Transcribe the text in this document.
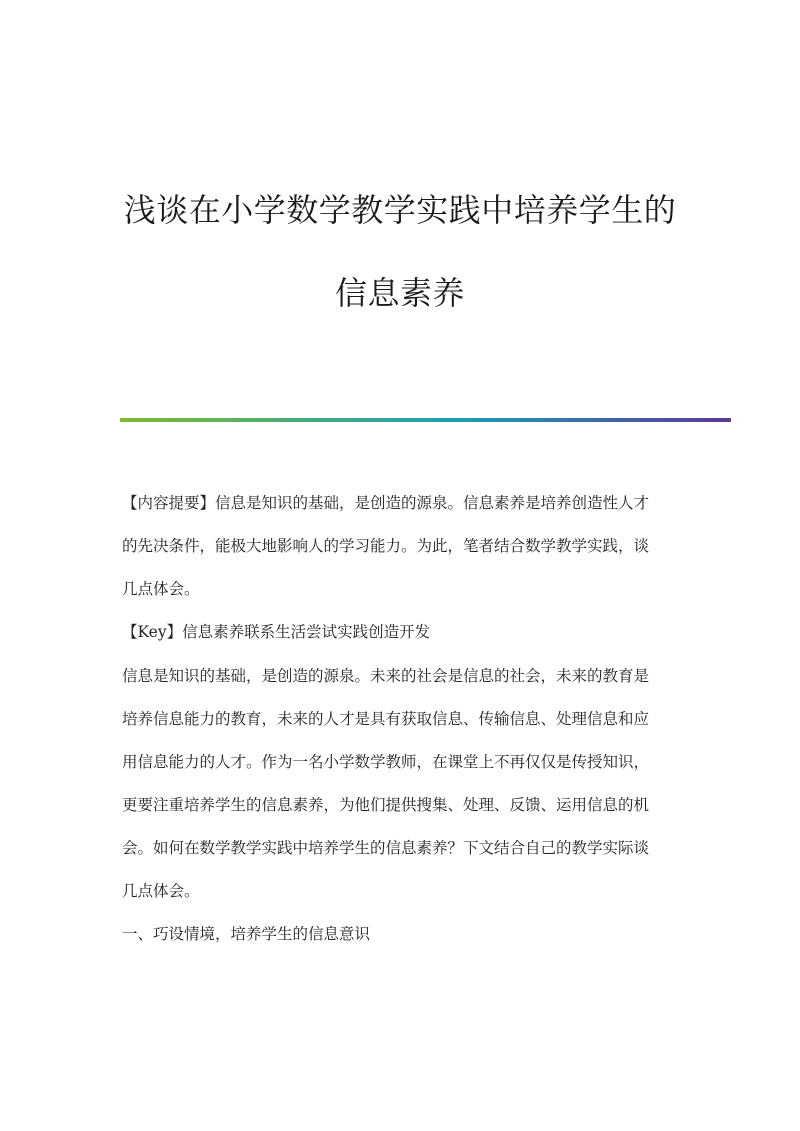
浅谈在小学数学教学实践中培养学生的
信息素养
【内容提要】信息是知识的基础，是创造的源泉。信息素养是培养创造性人才
的先决条件，能极大地影响人的学习能力。为此，笔者结合数学教学实践，谈
几点体会。
【Key】信息素养联系生活尝试实践创造开发
信息是知识的基础，是创造的源泉。未来的社会是信息的社会，未来的教育是
培养信息能力的教育，未来的人才是具有获取信息、传输信息、处理信息和应
用信息能力的人才。作为一名小学数学教师，在课堂上不再仅仅是传授知识，
更要注重培养学生的信息素养，为他们提供搜集、处理、反馈、运用信息的机
会。如何在数学教学实践中培养学生的信息素养？下文结合自己的教学实际谈
几点体会。
一、巧设情境，培养学生的信息意识
